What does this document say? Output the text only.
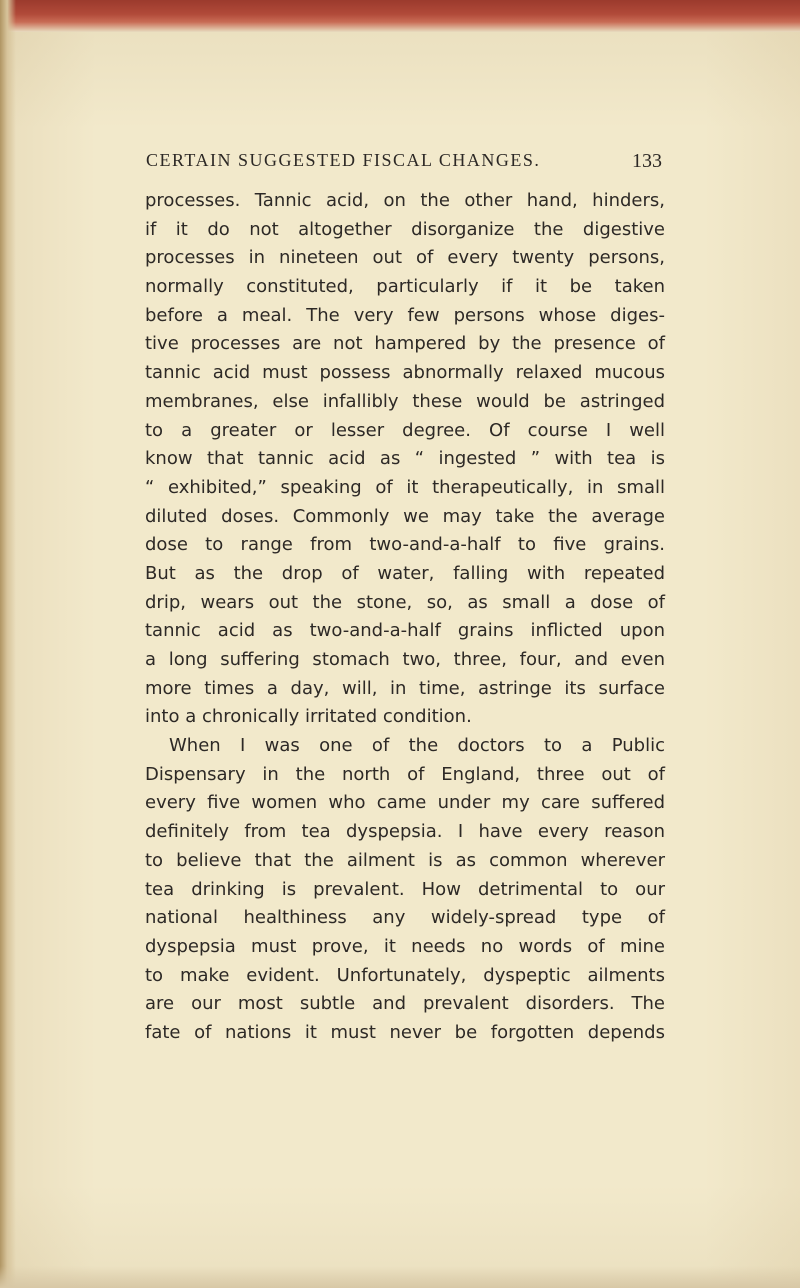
CERTAIN SUGGESTED FISCAL CHANGES.	133
processes. Tannic acid, on the other hand, hinders,
if it do not altogether disorganize the digestive
processes in nineteen out of every twenty persons,
normally constituted, particularly if it be taken
before a meal. The very few persons whose diges-
tive processes are not hampered by the presence of
tannic acid must possess abnormally relaxed mucous
membranes, else infallibly these would be astringed
to a greater or lesser degree. Of course I well
know that tannic acid as “ ingested ” with tea is
“ exhibited,” speaking of it therapeutically, in small
diluted doses. Commonly we may take the average
dose to range from two-and-a-half to five grains.
But as the drop of water, falling with repeated
drip, wears out the stone, so, as small a dose of
tannic acid as two-and-a-half grains inflicted upon
a long suffering stomach two, three, four, and even
more times a day, will, in time, astringe its surface
into a chronically irritated condition.
When I was one of the doctors to a Public
Dispensary in the north of England, three out of
every five women who came under my care suffered
definitely from tea dyspepsia. I have every reason
to believe that the ailment is as common wherever
tea drinking is prevalent. How detrimental to our
national healthiness any widely-spread type of
dyspepsia must prove, it needs no words of mine
to make evident. Unfortunately, dyspeptic ailments
are our most subtle and prevalent disorders. The
fate of nations it must never be forgotten depends
